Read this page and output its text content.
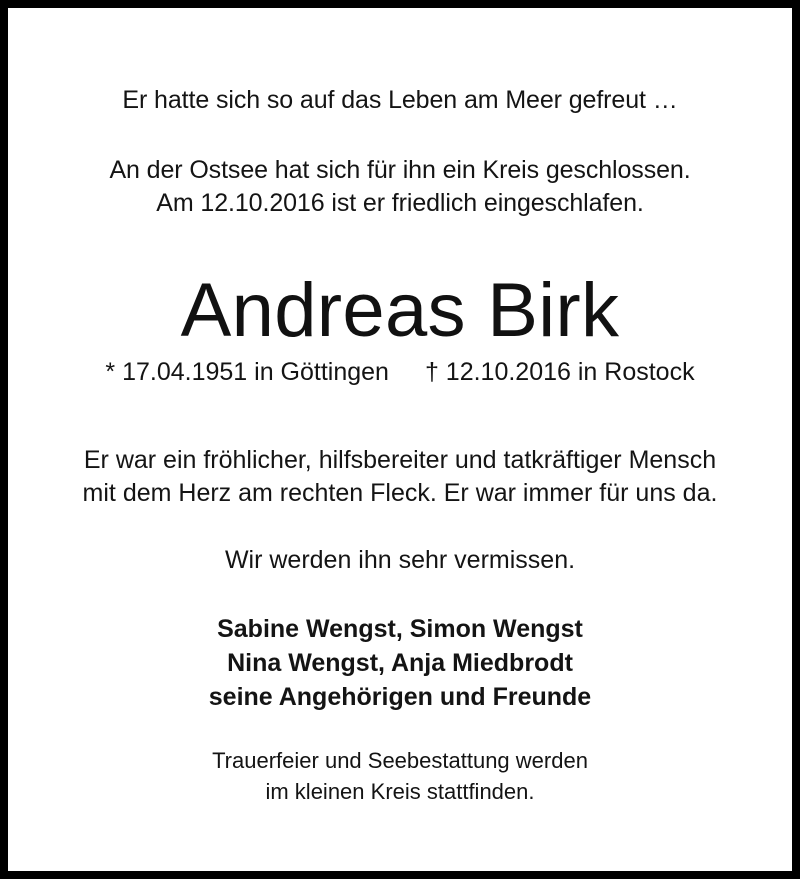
Er hatte sich so auf das Leben am Meer gefreut …
An der Ostsee hat sich für ihn ein Kreis geschlossen.
Am 12.10.2016 ist er friedlich eingeschlafen.
Andreas Birk
* 17.04.1951 in Göttingen † 12.10.2016 in Rostock
Er war ein fröhlicher, hilfsbereiter und tatkräftiger Mensch
mit dem Herz am rechten Fleck. Er war immer für uns da.
Wir werden ihn sehr vermissen.
Sabine Wengst, Simon Wengst
Nina Wengst, Anja Miedbrodt
seine Angehörigen und Freunde
Trauerfeier und Seebestattung werden
im kleinen Kreis stattfinden.
